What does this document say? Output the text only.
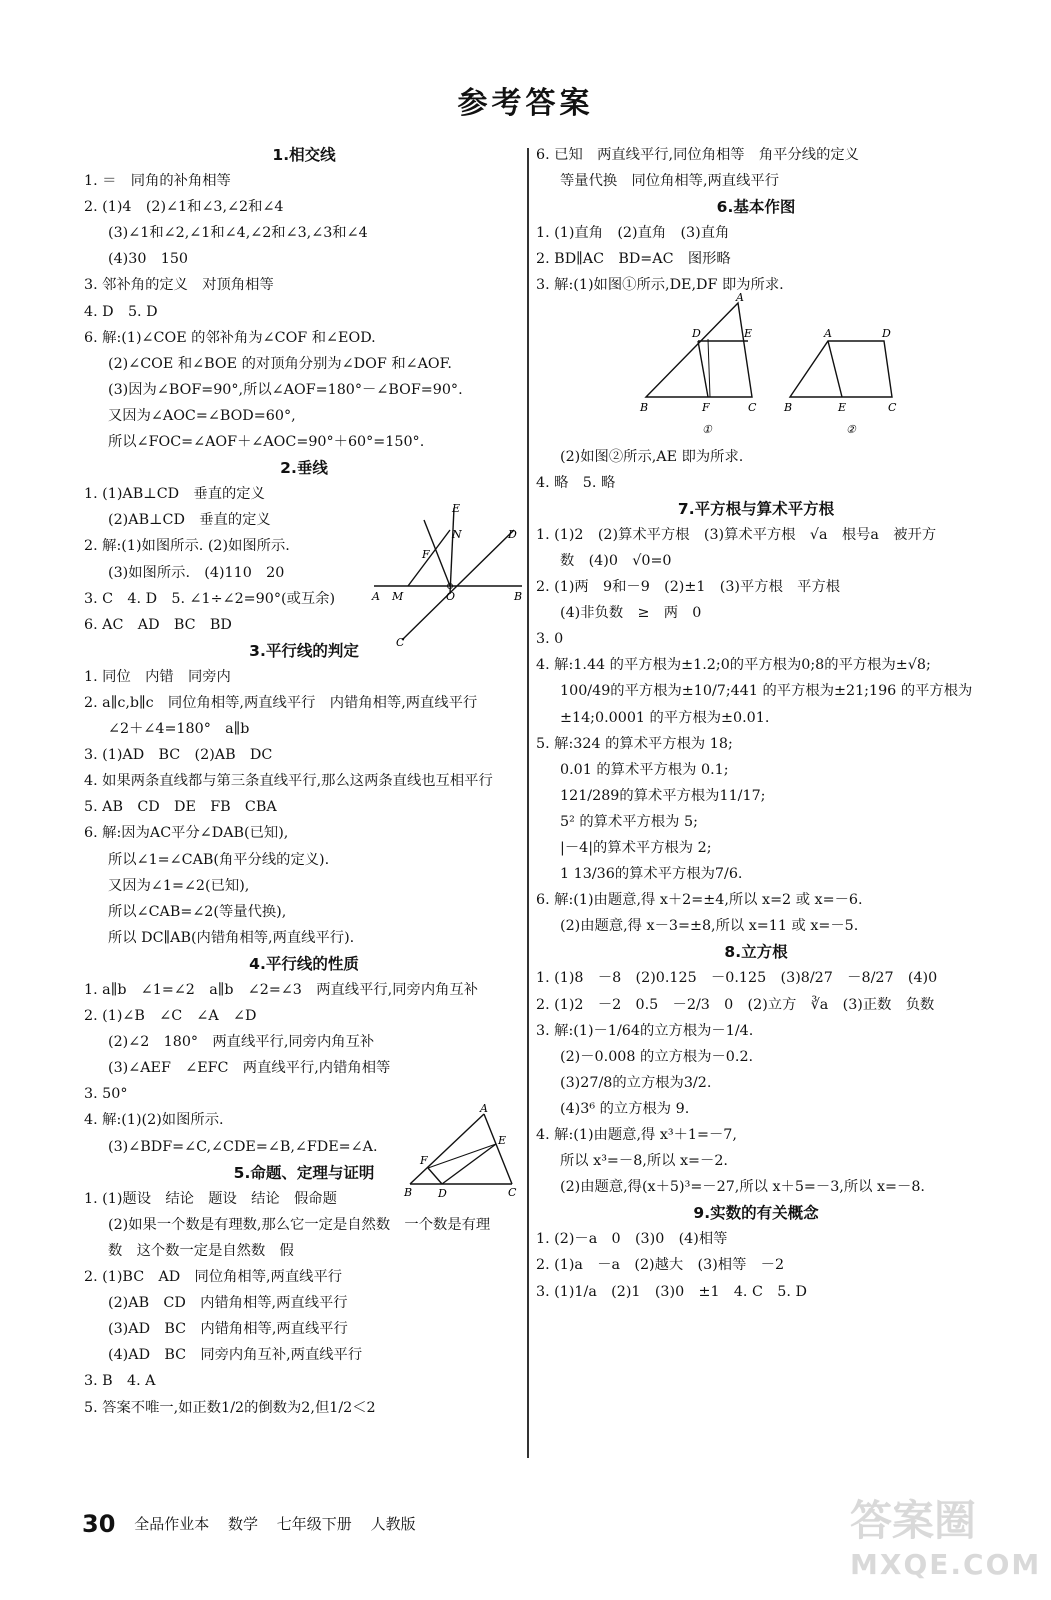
参考答案
1.相交线
1. ＝　同角的补角相等
2. (1)4　(2)∠1和∠3,∠2和∠4
(3)∠1和∠2,∠1和∠4,∠2和∠3,∠3和∠4
(4)30　150
3. 邻补角的定义　对顶角相等
4. D　5. D
6. 解:(1)∠COE 的邻补角为∠COF 和∠EOD.
(2)∠COE 和∠BOE 的对顶角分别为∠DOF 和∠AOF.
(3)因为∠BOF=90°,所以∠AOF=180°－∠BOF=90°.
又因为∠AOC=∠BOD=60°,
所以∠FOC=∠AOF＋∠AOC=90°＋60°=150°.
2.垂线
1. (1)AB⊥CD　垂直的定义
(2)AB⊥CD　垂直的定义
2. 解:(1)如图所示. (2)如图所示.
(3)如图所示.　(4)110　20
3. C　4. D　5. ∠1÷∠2=90°(或互余)
6. AC　AD　BC　BD
3.平行线的判定
1. 同位　内错　同旁内
2. a∥c,b∥c　同位角相等,两直线平行　内错角相等,两直线平行
∠2＋∠4=180°　a∥b
3. (1)AD　BC　(2)AB　DC
4. 如果两条直线都与第三条直线平行,那么这两条直线也互相平行
5. AB　CD　DE　FB　CBA
6. 解:因为AC平分∠DAB(已知),
所以∠1=∠CAB(角平分线的定义).
又因为∠1=∠2(已知),
所以∠CAB=∠2(等量代换),
所以 DC∥AB(内错角相等,两直线平行).
4.平行线的性质
1. a∥b　∠1=∠2　a∥b　∠2=∠3　两直线平行,同旁内角互补
2. (1)∠B　∠C　∠A　∠D
(2)∠2　180°　两直线平行,同旁内角互补
(3)∠AEF　∠EFC　两直线平行,内错角相等
3. 50°
4. 解:(1)(2)如图所示.
(3)∠BDF=∠C,∠CDE=∠B,∠FDE=∠A.
5.命题、定理与证明
1. (1)题设　结论　题设　结论　假命题
(2)如果一个数是有理数,那么它一定是自然数　一个数是有理
数　这个数一定是自然数　假
2. (1)BC　AD　同位角相等,两直线平行
(2)AB　CD　内错角相等,两直线平行
(3)AD　BC　内错角相等,两直线平行
(4)AD　BC　同旁内角互补,两直线平行
3. B　4. A
5. 答案不唯一,如正数1/2的倒数为2,但1/2＜2
6. 已知　两直线平行,同位角相等　角平分线的定义
等量代换　同位角相等,两直线平行
6.基本作图
1. (1)直角　(2)直角　(3)直角
2. BD∥AC　BD=AC　图形略
3. 解:(1)如图①所示,DE,DF 即为所求.
A
D	E
B	F	C
①
A	D
B	E	C
②
(2)如图②所示,AE 即为所求.
4. 略　5. 略
7.平方根与算术平方根
1. (1)2　(2)算术平方根　(3)算术平方根　√a　根号a　被开方
数　(4)0　√0=0
2. (1)两　9和－9　(2)±1　(3)平方根　平方根
(4)非负数　≥　两　0
3. 0
4. 解:1.44 的平方根为±1.2;0的平方根为0;8的平方根为±√8;
100/49的平方根为±10/7;441 的平方根为±21;196 的平方根为
±14;0.0001 的平方根为±0.01.
5. 解:324 的算术平方根为 18;
0.01 的算术平方根为 0.1;
121/289的算术平方根为11/17;
5² 的算术平方根为 5;
|－4|的算术平方根为 2;
1 13/36的算术平方根为7/6.
6. 解:(1)由题意,得 x＋2=±4,所以 x=2 或 x=－6.
(2)由题意,得 x－3=±8,所以 x=11 或 x=－5.
8.立方根
1. (1)8　－8　(2)0.125　－0.125　(3)8/27　－8/27　(4)0
2. (1)2　－2　0.5　－2/3　0　(2)立方　∛a　(3)正数　负数
3. 解:(1)－1/64的立方根为－1/4.
(2)－0.008 的立方根为－0.2.
(3)27/8的立方根为3/2.
(4)3⁶ 的立方根为 9.
4. 解:(1)由题意,得 x³＋1=－7,
所以 x³=－8,所以 x=－2.
(2)由题意,得(x＋5)³=－27,所以 x＋5=－3,所以 x=－8.
9.实数的有关概念
1. (2)－a　0　(3)0　(4)相等
2. (1)a　－a　(2)越大　(3)相等　－2
3. (1)1/a　(2)1　(3)0　±1　4. C　5. D
E
N	D
F
A M	O	B
C
A
E
F
B D	C
30 全品作业本 数学 七年级下册 人教版	答案圈
MXQE.COM
